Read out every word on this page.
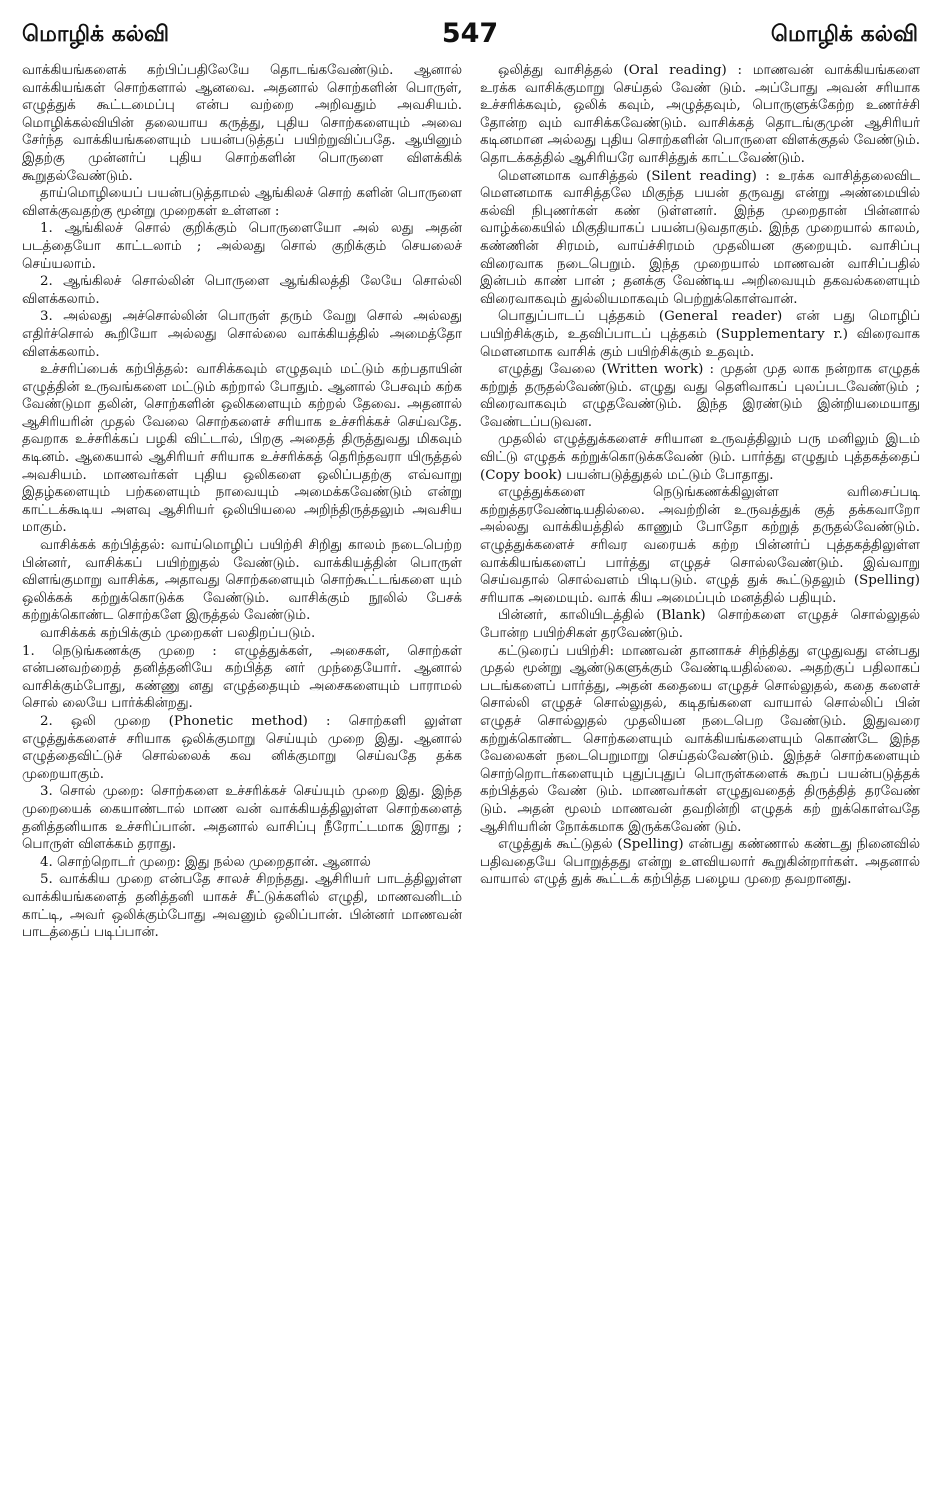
மொழிக் கல்வி	547	மொழிக் கல்வி

வாக்கியங்களைக் கற்பிப்பதிலேயே தொடங்கவேண்டும். ஆனால் வாக்கியங்கள் சொற்களால் ஆனவை. அதனால் சொற்களின் பொருள், எழுத்துக் கூட்டமைப்பு என்ப வற்றை அறிவதும் அவசியம். மொழிக்கல்வியின் தலையாய கருத்து, புதிய சொற்களையும் அவை சேர்ந்த வாக்கியங்களையும் பயன்படுத்தப் பயிற்றுவிப்பதே. ஆயினும் இதற்கு முன்னர்ப் புதிய சொற்களின் பொருளை விளக்கிக் கூறுதல்வேண்டும்.

தாய்மொழியைப் பயன்படுத்தாமல் ஆங்கிலச் சொற் களின் பொருளை விளக்குவதற்கு மூன்று முறைகள் உள்ளன :

1. ஆங்கிலச் சொல் குறிக்கும் பொருளையோ அல் லது அதன் படத்தையோ காட்டலாம் ; அல்லது சொல் குறிக்கும் செயலைச் செய்யலாம்.

2. ஆங்கிலச் சொல்லின் பொருளை ஆங்கிலத்தி லேயே சொல்லி விளக்கலாம்.

3. அல்லது அச்சொல்லின் பொருள் தரும் வேறு சொல் அல்லது எதிர்ச்சொல் கூறியோ அல்லது சொல்லை வாக்கியத்தில் அமைத்தோ விளக்கலாம்.

உச்சரிப்பைக் கற்பித்தல்: வாசிக்கவும் எழுதவும் மட்டும் கற்பதாயின் எழுத்தின் உருவங்களை மட்டும் கற்றால் போதும். ஆனால் பேசவும் கற்க வேண்டுமா தலின், சொற்களின் ஒலிகளையும் கற்றல் தேவை. அதனால் ஆசிரியரின் முதல் வேலை சொற்களைச் சரியாக உச்சரிக்கச் செய்வதே. தவறாக உச்சரிக்கப் பழகி விட்டால், பிறகு அதைத் திருத்துவது மிகவும் கடினம். ஆகையால் ஆசிரியர் சரியாக உச்சரிக்கத் தெரிந்தவரா யிருத்தல் அவசியம். மாணவர்கள் புதிய ஒலிகளை ஒலிப்பதற்கு எவ்வாறு இதழ்களையும் பற்களையும் நாவையும் அமைக்கவேண்டும் என்று காட்டக்கூடிய அளவு ஆசிரியர் ஒலியியலை அறிந்திருத்தலும் அவசிய மாகும்.

வாசிக்கக் கற்பித்தல்: வாய்மொழிப் பயிற்சி சிறிது காலம் நடைபெற்ற பின்னர், வாசிக்கப் பயிற்றுதல் வேண்டும். வாக்கியத்தின் பொருள் விளங்குமாறு வாசிக்க, அதாவது சொற்களையும் சொற்கூட்டங்களை யும் ஒலிக்கக் கற்றுக்கொடுக்க வேண்டும். வாசிக்கும் நூலில் பேசக் கற்றுக்கொண்ட சொற்களே இருத்தல் வேண்டும்.

வாசிக்கக் கற்பிக்கும் முறைகள் பலதிறப்படும்.

1. நெடுங்கணக்கு முறை : எழுத்துக்கள், அசைகள், சொற்கள் என்பனவற்றைத் தனித்தனியே கற்பித்த னர் முந்தையோர். ஆனால் வாசிக்கும்போது, கண்ணு னது எழுத்தையும் அசைகளையும் பாராமல் சொல் லையே பார்க்கின்றது.

2. ஒலி முறை (Phonetic method) : சொற்களி லுள்ள எழுத்துக்களைச் சரியாக ஒலிக்குமாறு செய்யும் முறை இது. ஆனால் எழுத்தைவிட்டுச் சொல்லைக் கவ னிக்குமாறு செய்வதே தக்க முறையாகும்.

3. சொல் முறை: சொற்களை உச்சரிக்கச் செய்யும் முறை இது. இந்த முறையைக் கையாண்டால் மாண வன் வாக்கியத்திலுள்ள சொற்களைத் தனித்தனியாக உச்சரிப்பான். அதனால் வாசிப்பு நீரோட்டமாக இராது ; பொருள் விளக்கம் தராது.

4. சொற்றொடர் முறை: இது நல்ல முறைதான். ஆனால்

5. வாக்கிய முறை என்பதே சாலச் சிறந்தது. ஆசிரியர் பாடத்திலுள்ள வாக்கியங்களைத் தனித்தனி யாகச் சீட்டுக்களில் எழுதி, மாணவனிடம் காட்டி, அவர் ஒலிக்கும்போது அவனும் ஒலிப்பான். பின்னர் மாணவன் பாடத்தைப் படிப்பான்.

ஒலித்து வாசித்தல் (Oral reading) : மாணவன் வாக்கியங்களை உரக்க வாசிக்குமாறு செய்தல் வேண் டும். அப்போது அவன் சரியாக உச்சரிக்கவும், ஒலிக் கவும், அழுத்தவும், பொருளுக்கேற்ற உணர்ச்சி தோன்ற வும் வாசிக்கவேண்டும். வாசிக்கத் தொடங்குமுன் ஆசிரியர் கடினமான அல்லது புதிய சொற்களின் பொருளை விளக்குதல் வேண்டும். தொடக்கத்தில் ஆசிரியரே வாசித்துக் காட்டவேண்டும்.

மௌனமாக வாசித்தல் (Silent reading) : உரக்க வாசித்தலைவிட மௌனமாக வாசித்தலே மிகுந்த பயன் தருவது என்று அண்மையில் கல்வி நிபுணர்கள் கண் டுள்ளனர். இந்த முறைதான் பின்னால் வாழ்க்கையில் மிகுதியாகப் பயன்படுவதாகும். இந்த முறையால் காலம், கண்ணின் சிரமம், வாய்ச்சிரமம் முதலியன குறையும். வாசிப்பு விரைவாக நடைபெறும். இந்த முறையால் மாணவன் வாசிப்பதில் இன்பம் காண் பான் ; தனக்கு வேண்டிய அறிவையும் தகவல்களையும் விரைவாகவும் துல்லியமாகவும் பெற்றுக்கொள்வான்.

பொதுப்பாடப் புத்தகம் (General reader) என் பது மொழிப் பயிற்சிக்கும், உதவிப்பாடப் புத்தகம் (Supplementary r.) விரைவாக மௌனமாக வாசிக் கும் பயிற்சிக்கும் உதவும்.

எழுத்து வேலை (Written work) : முதன் முத லாக நன்றாக எழுதக் கற்றுத் தருதல்வேண்டும். எழுது வது தெளிவாகப் புலப்படவேண்டும் ; விரைவாகவும் எழுதவேண்டும். இந்த இரண்டும் இன்றியமையாது வேண்டப்படுவன.

முதலில் எழுத்துக்களைச் சரியான உருவத்திலும் பரு மனிலும் இடம் விட்டு எழுதக் கற்றுக்கொடுக்கவேண் டும். பார்த்து எழுதும் புத்தகத்தைப் (Copy book) பயன்படுத்துதல் மட்டும் போதாது.

எழுத்துக்களை நெடுங்கணக்கிலுள்ள வரிசைப்படி கற்றுத்தரவேண்டியதில்லை. அவற்றின் உருவத்துக் குத் தக்கவாறோ அல்லது வாக்கியத்தில் காணும் போதோ கற்றுத் தருதல்வேண்டும். எழுத்துக்களைச் சரிவர வரையக் கற்ற பின்னர்ப் புத்தகத்திலுள்ள வாக்கியங்களைப் பார்த்து எழுதச் சொல்லவேண்டும். இவ்வாறு செய்வதால் சொல்வளம் பிடிபடும். எழுத் துக் கூட்டுதலும் (Spelling) சரியாக அமையும். வாக் கிய அமைப்பும் மனத்தில் பதியும்.

பின்னர், காலியிடத்தில் (Blank) சொற்களை எழுதச் சொல்லுதல் போன்ற பயிற்சிகள் தரவேண்டும்.

கட்டுரைப் பயிற்சி: மாணவன் தானாகச் சிந்தித்து எழுதுவது என்பது முதல் மூன்று ஆண்டுகளுக்கும் வேண்டியதில்லை. அதற்குப் பதிலாகப் படங்களைப் பார்த்து, அதன் கதையை எழுதச் சொல்லுதல், கதை களைச் சொல்லி எழுதச் சொல்லுதல், கடிதங்களை வாயால் சொல்லிப் பின் எழுதச் சொல்லுதல் முதலியன நடைபெற வேண்டும். இதுவரை கற்றுக்கொண்ட சொற்களையும் வாக்கியங்களையும் கொண்டே இந்த வேலைகள் நடைபெறுமாறு செய்தல்வேண்டும். இந்தச் சொற்களையும் சொற்றொடர்களையும் புதுப்புதுப் பொருள்களைக் கூறப் பயன்படுத்தக் கற்பித்தல் வேண் டும். மாணவர்கள் எழுதுவதைத் திருத்தித் தரவேண் டும். அதன் மூலம் மாணவன் தவறின்றி எழுதக் கற் றுக்கொள்வதே ஆசிரியரின் நோக்கமாக இருக்கவேண் டும்.

எழுத்துக் கூட்டுதல் (Spelling) என்பது கண்ணால் கண்டது நினைவில் பதிவதையே பொறுத்தது என்று உளவியலார் கூறுகின்றார்கள். அதனால் வாயால் எழுத் துக் கூட்டக் கற்பித்த பழைய முறை தவறானது.
